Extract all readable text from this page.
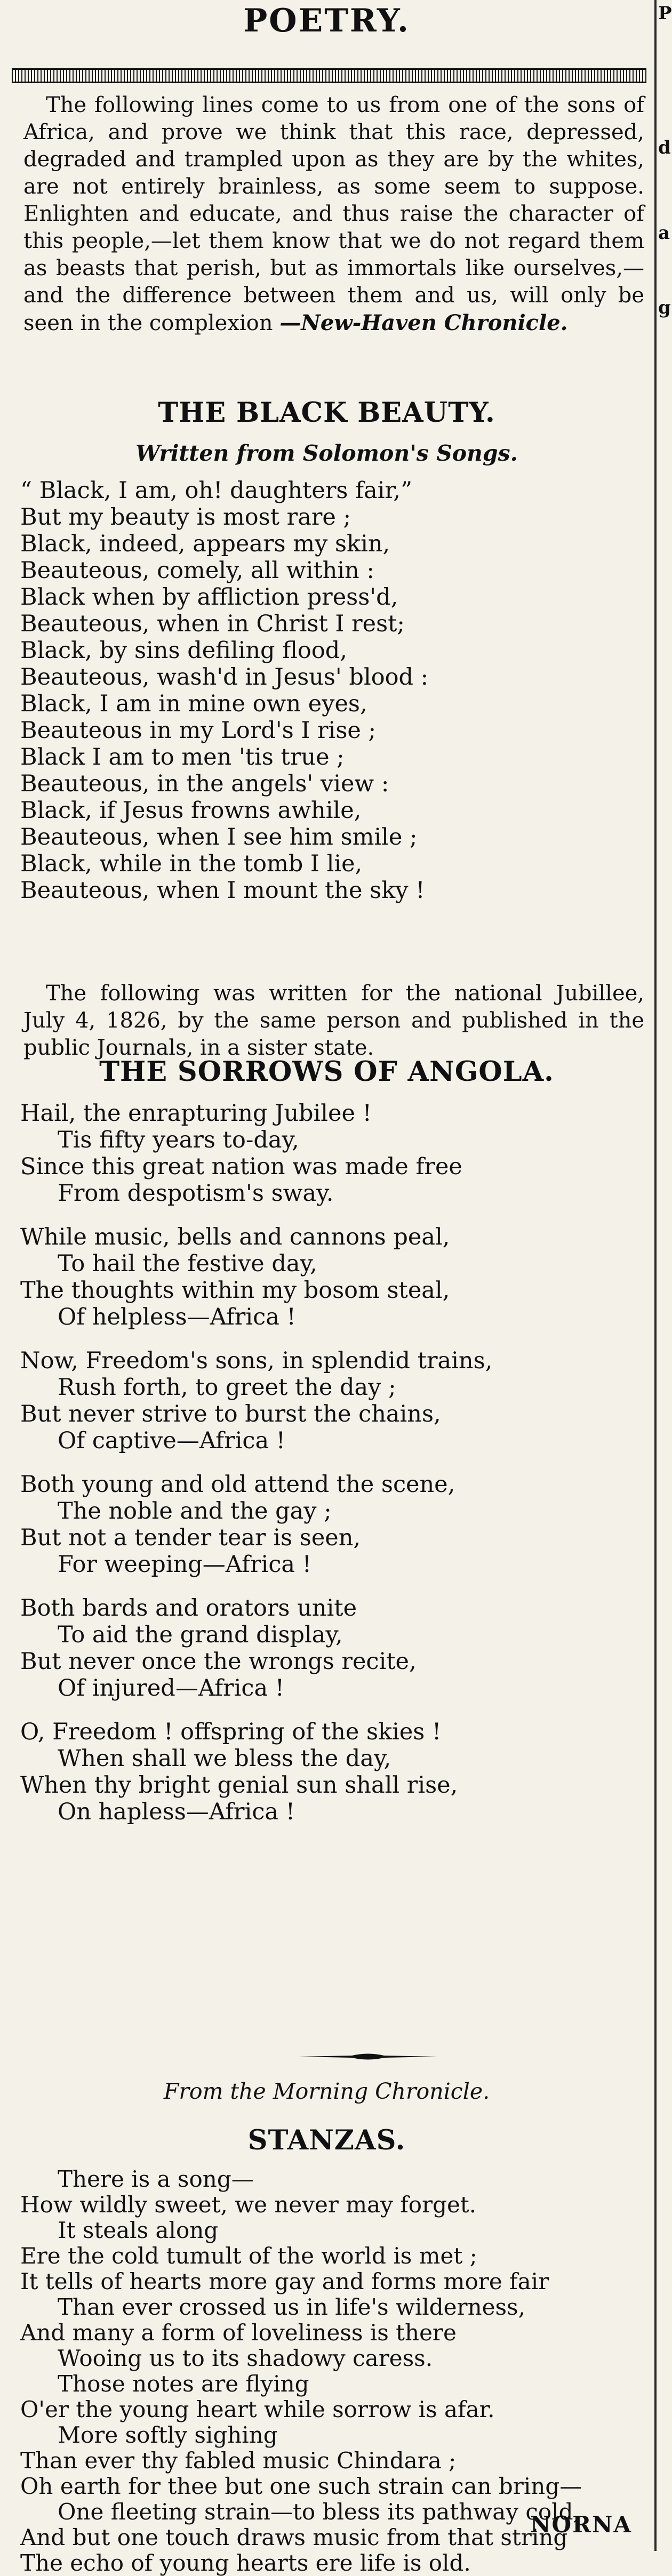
POETRY.
The following lines come to us from one of the sons of Africa, and prove we think that this race, depressed, degraded and trampled upon as they are by the whites, are not entirely brainless, as some seem to suppose. Enlighten and educate, and thus raise the character of this people,—let them know that we do not regard them as beasts that perish, but as immortals like ourselves,—and the difference between them and us, will only be seen in the complexion —New-Haven Chronicle.
THE BLACK BEAUTY.
Written from Solomon's Songs.
“ Black, I am, oh! daughters fair,”
But my beauty is most rare ;
Black, indeed, appears my skin,
Beauteous, comely, all within :
Black when by affliction press'd,
Beauteous, when in Christ I rest;
Black, by sins defiling flood,
Beauteous, wash'd in Jesus' blood :
Black, I am in mine own eyes,
Beauteous in my Lord's I rise ;
Black I am to men 'tis true ;
Beauteous, in the angels' view :
Black, if Jesus frowns awhile,
Beauteous, when I see him smile ;
Black, while in the tomb I lie,
Beauteous, when I mount the sky !
The following was written for the national Jubillee, July 4, 1826, by the same person and published in the public Journals, in a sister state.
THE SORROWS OF ANGOLA.
Hail, the enrapturing Jubilee !
Tis fifty years to-day,
Since this great nation was made free
From despotism's sway.
While music, bells and cannons peal,
To hail the festive day,
The thoughts within my bosom steal,
Of helpless—Africa !
Now, Freedom's sons, in splendid trains,
Rush forth, to greet the day ;
But never strive to burst the chains,
Of captive—Africa !
Both young and old attend the scene,
The noble and the gay ;
But not a tender tear is seen,
For weeping—Africa !
Both bards and orators unite
To aid the grand display,
But never once the wrongs recite,
Of injured—Africa !
O, Freedom ! offspring of the skies !
When shall we bless the day,
When thy bright genial sun shall rise,
On hapless—Africa !
From the Morning Chronicle.
STANZAS.
There is a song—
How wildly sweet, we never may forget.
It steals along
Ere the cold tumult of the world is met ;
It tells of hearts more gay and forms more fair
Than ever crossed us in life's wilderness,
And many a form of loveliness is there
Wooing us to its shadowy caress.
Those notes are flying
O'er the young heart while sorrow is afar.
More softly sighing
Than ever thy fabled music Chindara ;
Oh earth for thee but one such strain can bring—
One fleeting strain—to bless its pathway cold,
And but one touch draws music from that string
The echo of young hearts ere life is old.
NORNA
P
d
a
g
